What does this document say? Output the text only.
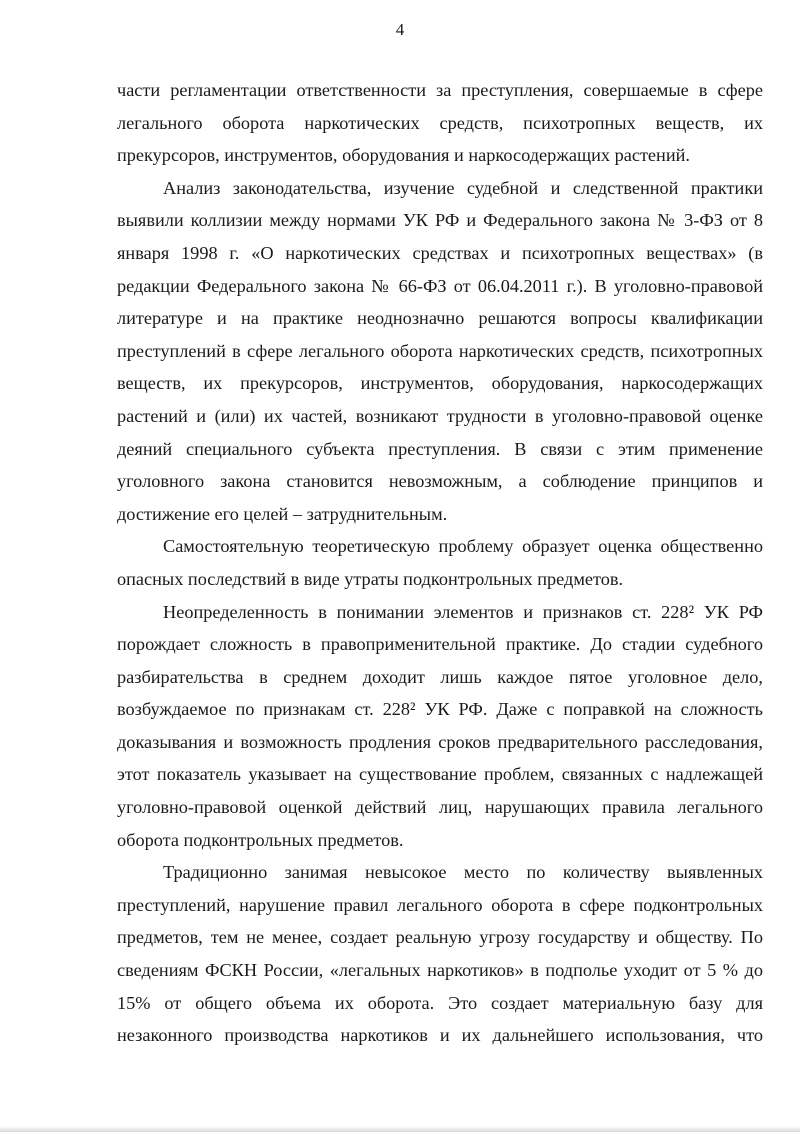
4

части регламентации ответственности за преступления, совершаемые в сфере легального оборота наркотических средств, психотропных веществ, их прекурсоров, инструментов, оборудования и наркосодержащих растений.

Анализ законодательства, изучение судебной и следственной практики выявили коллизии между нормами УК РФ и Федерального закона № 3-ФЗ от 8 января 1998 г. «О наркотических средствах и психотропных веществах» (в редакции Федерального закона № 66-ФЗ от 06.04.2011 г.). В уголовно-правовой литературе и на практике неоднозначно решаются вопросы квалификации преступлений в сфере легального оборота наркотических средств, психотропных веществ, их прекурсоров, инструментов, оборудования, наркосодержащих растений и (или) их частей, возникают трудности в уголовно-правовой оценке деяний специального субъекта преступления. В связи с этим применение уголовного закона становится невозможным, а соблюдение принципов и достижение его целей – затруднительным.

Самостоятельную теоретическую проблему образует оценка общественно опасных последствий в виде утраты подконтрольных предметов.

Неопределенность в понимании элементов и признаков ст. 228² УК РФ порождает сложность в правоприменительной практике. До стадии судебного разбирательства в среднем доходит лишь каждое пятое уголовное дело, возбуждаемое по признакам ст. 228² УК РФ. Даже с поправкой на сложность доказывания и возможность продления сроков предварительного расследования, этот показатель указывает на существование проблем, связанных с надлежащей уголовно-правовой оценкой действий лиц, нарушающих правила легального оборота подконтрольных предметов.

Традиционно занимая невысокое место по количеству выявленных преступлений, нарушение правил легального оборота в сфере подконтрольных предметов, тем не менее, создает реальную угрозу государству и обществу. По сведениям ФСКН России, «легальных наркотиков» в подполье уходит от 5 % до 15% от общего объема их оборота. Это создает материальную базу для незаконного производства наркотиков и их дальнейшего использования, что
